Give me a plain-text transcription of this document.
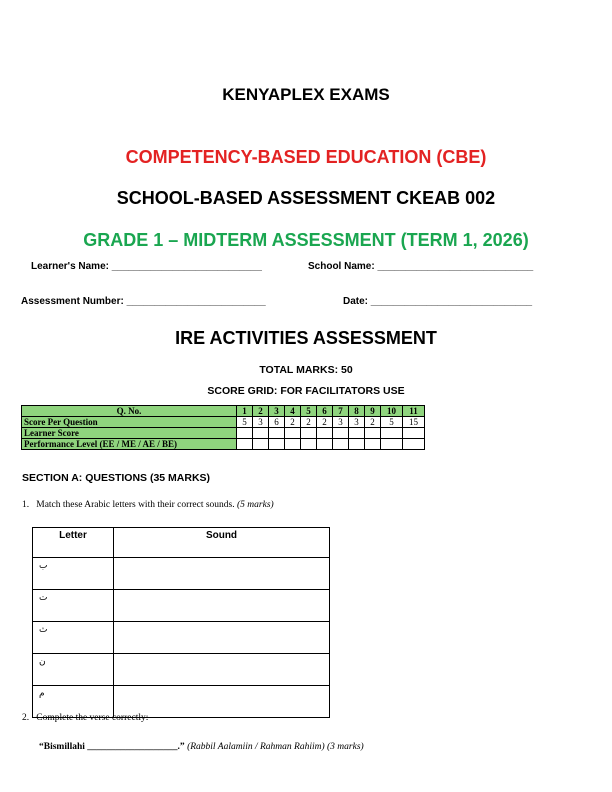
KENYAPLEX EXAMS
COMPETENCY-BASED EDUCATION (CBE)
SCHOOL-BASED ASSESSMENT CKEAB 002
GRADE 1 – MIDTERM ASSESSMENT (TERM 1, 2026)
Learner's Name: ___________________________	School Name: ____________________________
Assessment Number: _________________________	Date: _____________________________
IRE ACTIVITIES ASSESSMENT
TOTAL MARKS: 50
SCORE GRID: FOR FACILITATORS USE
Q. No.	1	2	3	4	5	6	7	8	9	10	11
Score Per Question	5	3	6	2	2	2	3	3	2	5	15
Learner Score											
Performance Level (EE / ME / AE / BE)											
SECTION A: QUESTIONS (35 MARKS)
1. Match these Arabic letters with their correct sounds. (5 marks)
Letter	Sound
ب	
ت	
ث	
ن	
م	
2. Complete the verse correctly:
“Bismillahi ___________________.” (Rabbil Aalamiin / Rahman Rahiim) (3 marks)
